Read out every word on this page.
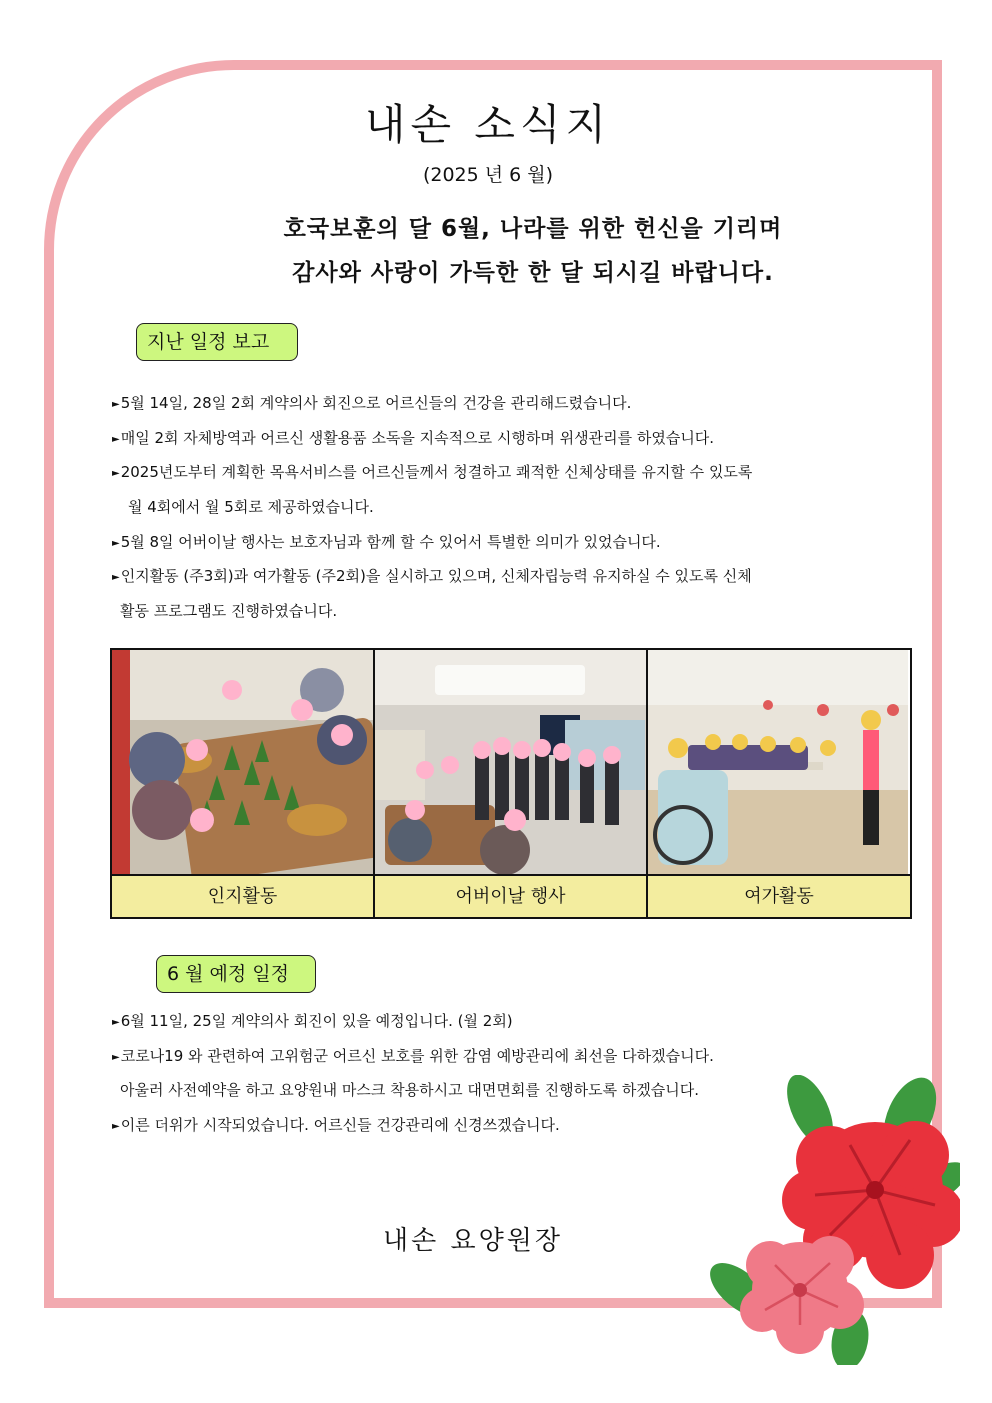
내손 소식지
(2025 년 6 월)
호국보훈의 달 6월, 나라를 위한 헌신을 기리며
감사와 사랑이 가득한 한 달 되시길 바랍니다.
지난 일정 보고
►5월 14일, 28일 2회 계약의사 회진으로 어르신들의 건강을 관리해드렸습니다.
►매일 2회 자체방역과 어르신 생활용품 소독을 지속적으로 시행하며 위생관리를 하였습니다.
►2025년도부터 계획한 목욕서비스를 어르신들께서 청결하고 쾌적한 신체상태를 유지할 수 있도록
월 4회에서 월 5회로 제공하였습니다.
►5월 8일 어버이날 행사는 보호자님과 함께 할 수 있어서 특별한 의미가 있었습니다.
►인지활동 (주3회)과 여가활동 (주2회)을 실시하고 있으며, 신체자립능력 유지하실 수 있도록 신체
활동 프로그램도 진행하였습니다.
인지활동	어버이날 행사	여가활동
6 월 예정 일정
►6월 11일, 25일 계약의사 회진이 있을 예정입니다. (월 2회)
►코로나19 와 관련하여 고위험군 어르신 보호를 위한 감염 예방관리에 최선을 다하겠습니다.
아울러 사전예약을 하고 요양원내 마스크 착용하시고 대면면회를 진행하도록 하겠습니다.
►이른 더위가 시작되었습니다. 어르신들 건강관리에 신경쓰겠습니다.
내손 요양원장
